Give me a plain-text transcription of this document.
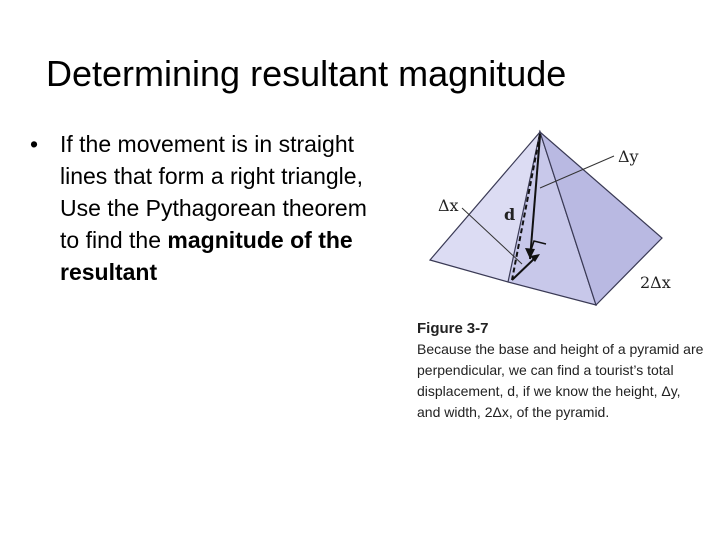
Determining resultant magnitude
• If the movement is in straight lines that form a right triangle,
Use the Pythagorean theorem to find the magnitude of the resultant
Δy
Δx	d
2Δx
Figure 3-7
Because the base and height of a pyramid are perpendicular, we can find a tourist’s total displacement, d, if we know the height, Δy, and width, 2Δx, of the pyramid.
